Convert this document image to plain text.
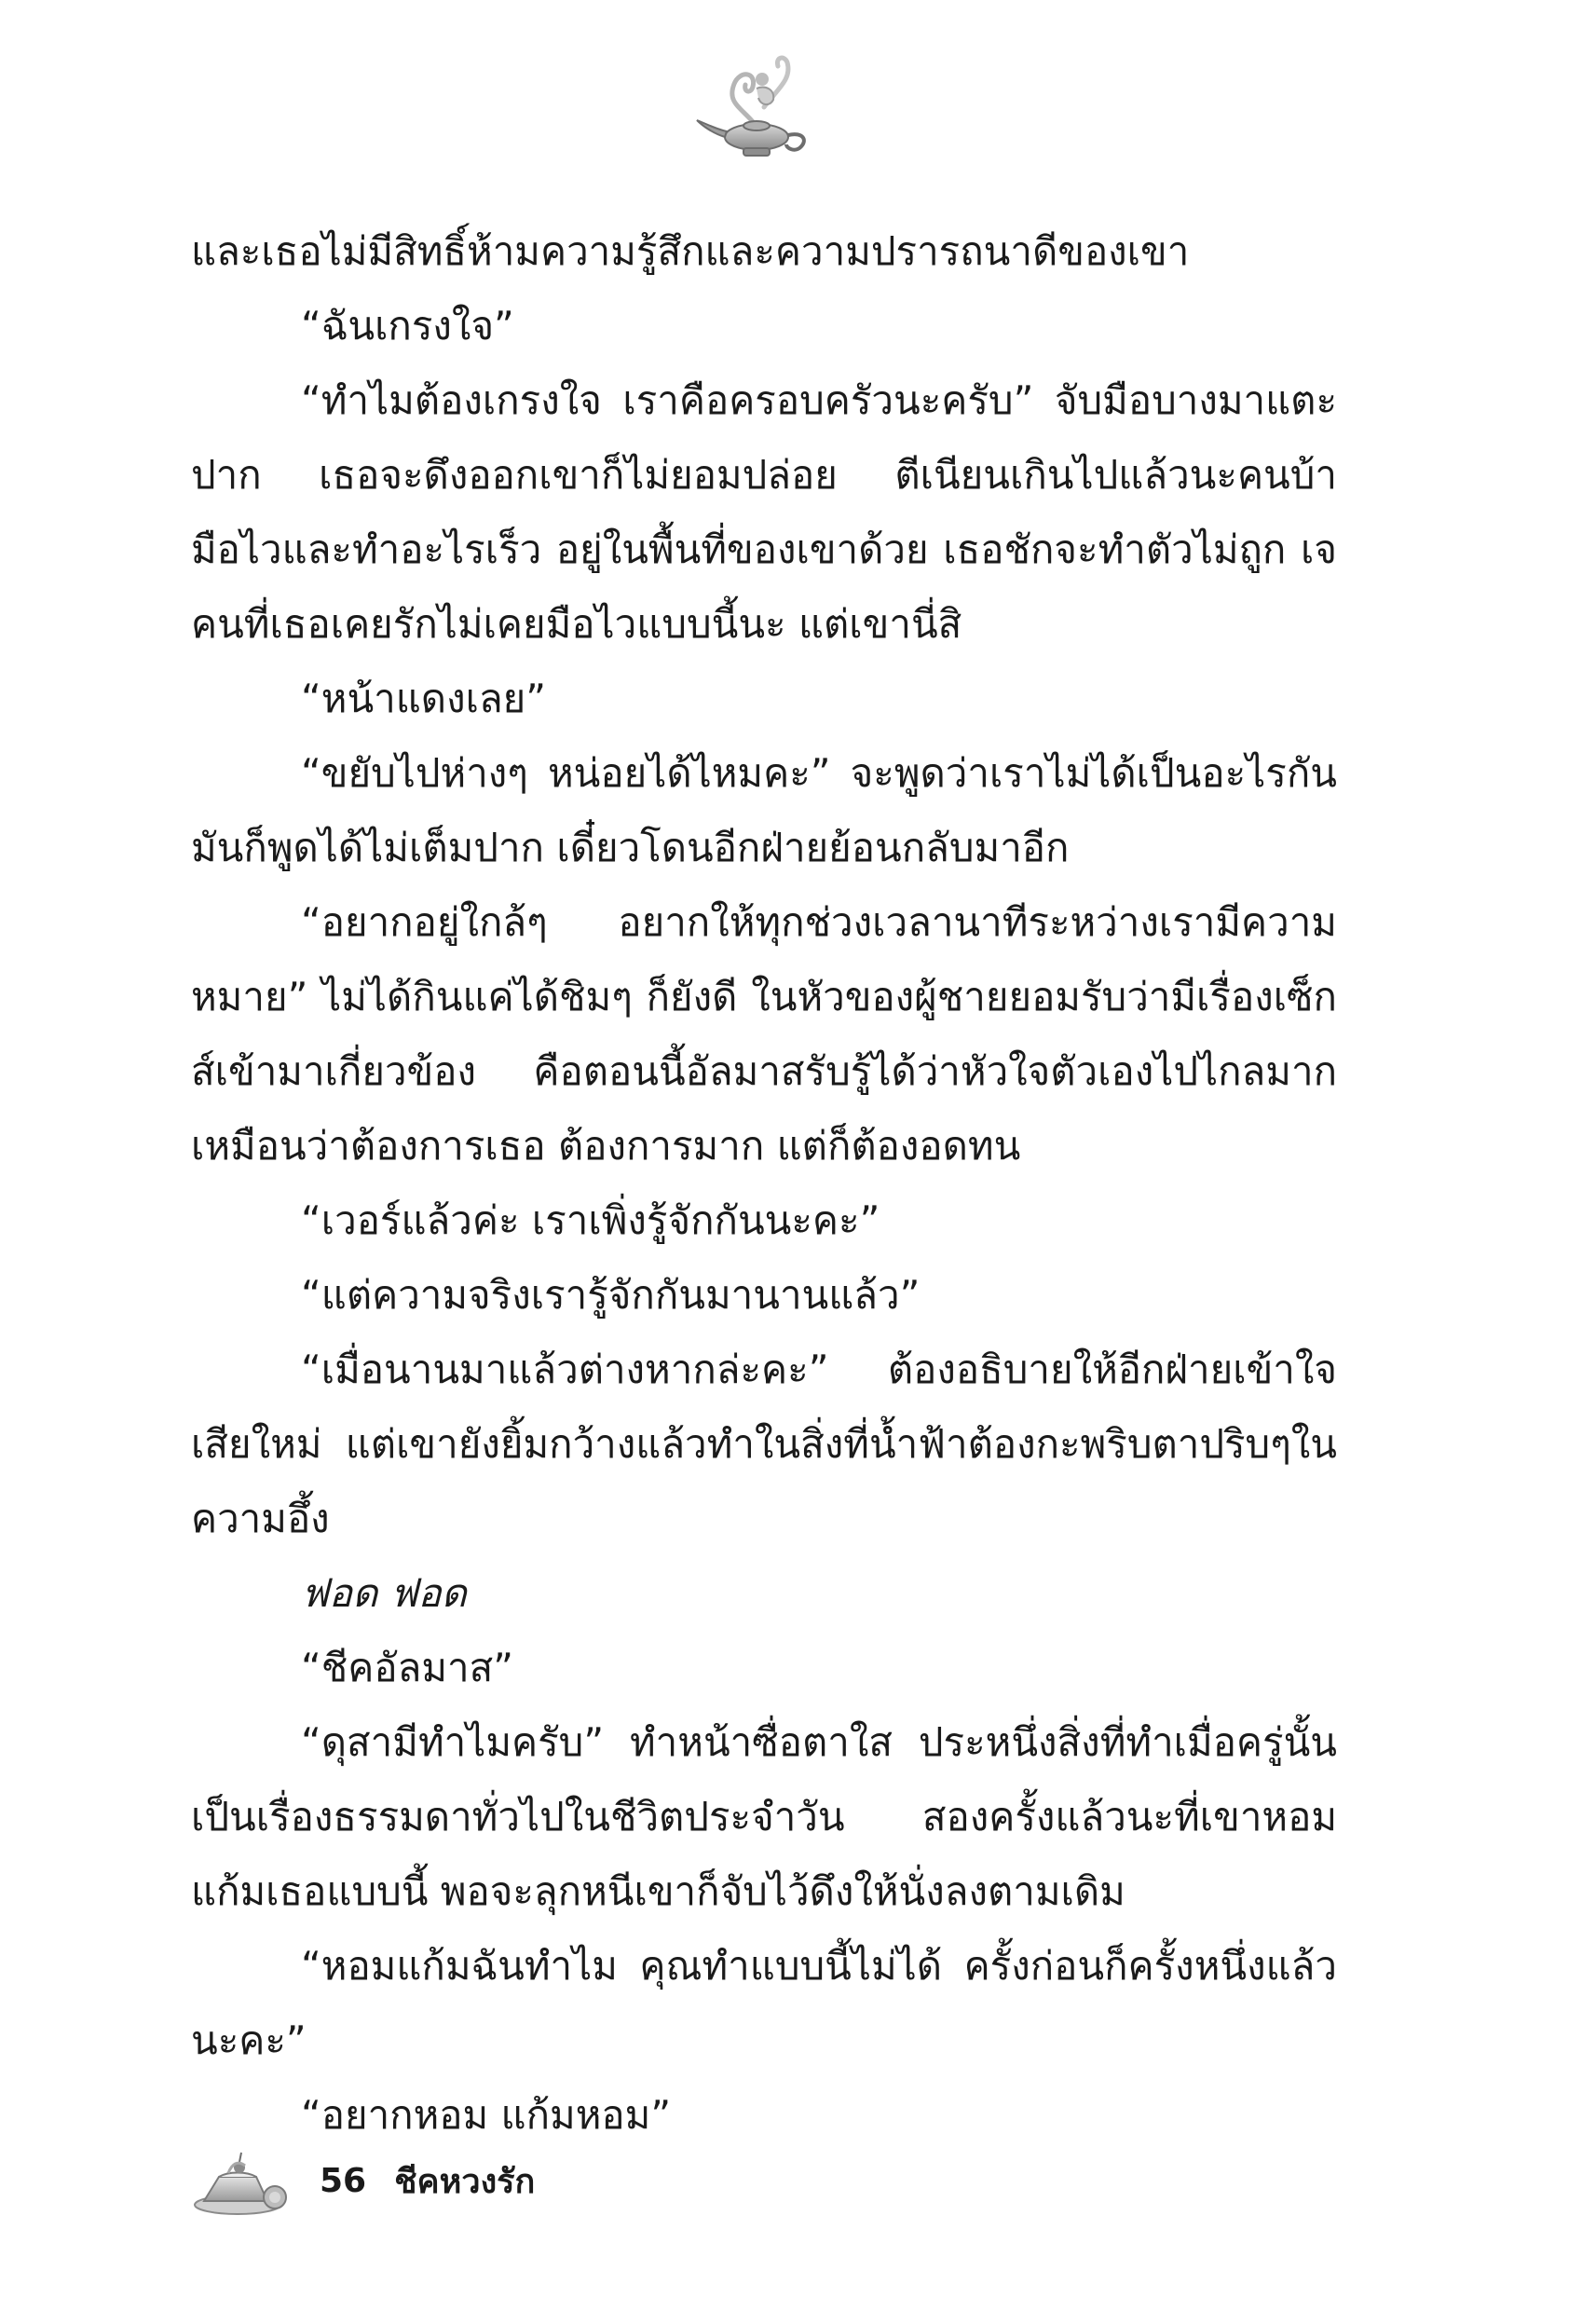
และเธอไม่มีสิทธิ์ห้ามความรู้สึกและความปรารถนาดีของเขา

“ฉันเกรงใจ”

“ทำไมต้องเกรงใจ เราคือครอบครัวนะครับ” จับมือบางมาแตะปาก เธอจะดึงออกเขาก็ไม่ยอมปล่อย ตีเนียนเกินไปแล้วนะคนบ้ามือไวและทำอะไรเร็ว อยู่ในพื้นที่ของเขาด้วย เธอชักจะทำตัวไม่ถูก เจคนที่เธอเคยรักไม่เคยมือไวแบบนี้นะ แต่เขานี่สิ

“หน้าแดงเลย”

“ขยับไปห่างๆ หน่อยได้ไหมคะ” จะพูดว่าเราไม่ได้เป็นอะไรกันมันก็พูดได้ไม่เต็มปาก เดี๋ยวโดนอีกฝ่ายย้อนกลับมาอีก

“อยากอยู่ใกล้ๆ อยากให้ทุกช่วงเวลานาทีระหว่างเรามีความหมาย” ไม่ได้กินแค่ได้ชิมๆ ก็ยังดี ในหัวของผู้ชายยอมรับว่ามีเรื่องเซ็กส์เข้ามาเกี่ยวข้อง คือตอนนี้อัลมาสรับรู้ได้ว่าหัวใจตัวเองไปไกลมาก เหมือนว่าต้องการเธอ ต้องการมาก แต่ก็ต้องอดทน

“เวอร์แล้วค่ะ เราเพิ่งรู้จักกันนะคะ”

“แต่ความจริงเรารู้จักกันมานานแล้ว”

“เมื่อนานมาแล้วต่างหากล่ะคะ” ต้องอธิบายให้อีกฝ่ายเข้าใจเสียใหม่ แต่เขายังยิ้มกว้างแล้วทำในสิ่งที่น้ำฟ้าต้องกะพริบตาปริบๆในความอึ้ง

ฟอด ฟอด

“ชีคอัลมาส”

“ดุสามีทำไมครับ” ทำหน้าซื่อตาใส ประหนึ่งสิ่งที่ทำเมื่อครู่นั้นเป็นเรื่องธรรมดาทั่วไปในชีวิตประจำวัน สองครั้งแล้วนะที่เขาหอมแก้มเธอแบบนี้ พอจะลุกหนีเขาก็จับไว้ดึงให้นั่งลงตามเดิม

“หอมแก้มฉันทำไม คุณทำแบบนี้ไม่ได้ ครั้งก่อนก็ครั้งหนึ่งแล้วนะคะ”

“อยากหอม แก้มหอม”

56 ชีคหวงรัก
